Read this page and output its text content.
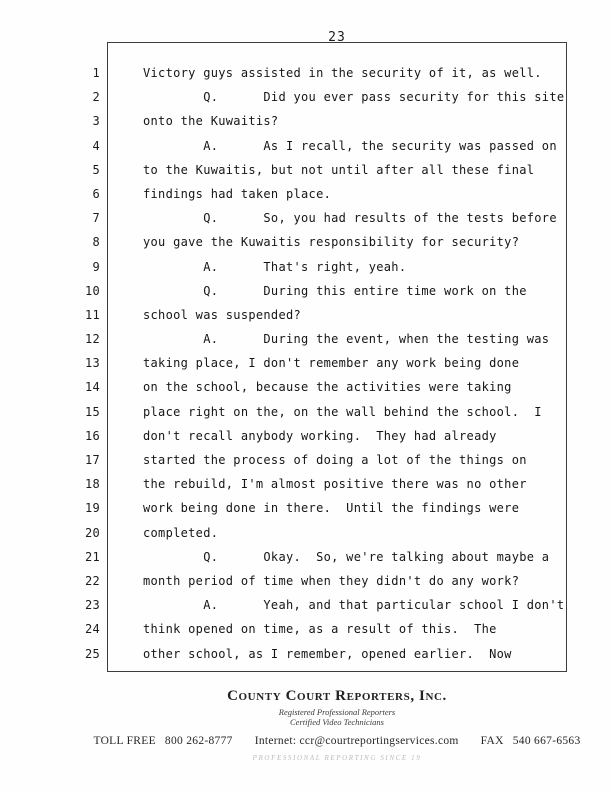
23
1	Victory guys assisted in the security of it, as well.
2	Q.      Did you ever pass security for this site
3	onto the Kuwaitis?
4	A.      As I recall, the security was passed on
5	to the Kuwaitis, but not until after all these final
6	findings had taken place.
7	Q.      So, you had results of the tests before
8	you gave the Kuwaitis responsibility for security?
9	A.      That's right, yeah.
10	Q.      During this entire time work on the
11	school was suspended?
12	A.      During the event, when the testing was
13	taking place, I don't remember any work being done
14	on the school, because the activities were taking
15	place right on the, on the wall behind the school.  I
16	don't recall anybody working.  They had already
17	started the process of doing a lot of the things on
18	the rebuild, I'm almost positive there was no other
19	work being done in there.  Until the findings were
20	completed.
21	Q.      Okay.  So, we're talking about maybe a
22	month period of time when they didn't do any work?
23	A.      Yeah, and that particular school I don't
24	think opened on time, as a result of this.  The
25	other school, as I remember, opened earlier.  Now
County Court Reporters, Inc.
Registered Professional Reporters
Certified Video Technicians
TOLL FREE 800 262-8777 Internet: ccr@courtreportingservices.com FAX 540 667-6563
PROFESSIONAL REPORTING SINCE 19
